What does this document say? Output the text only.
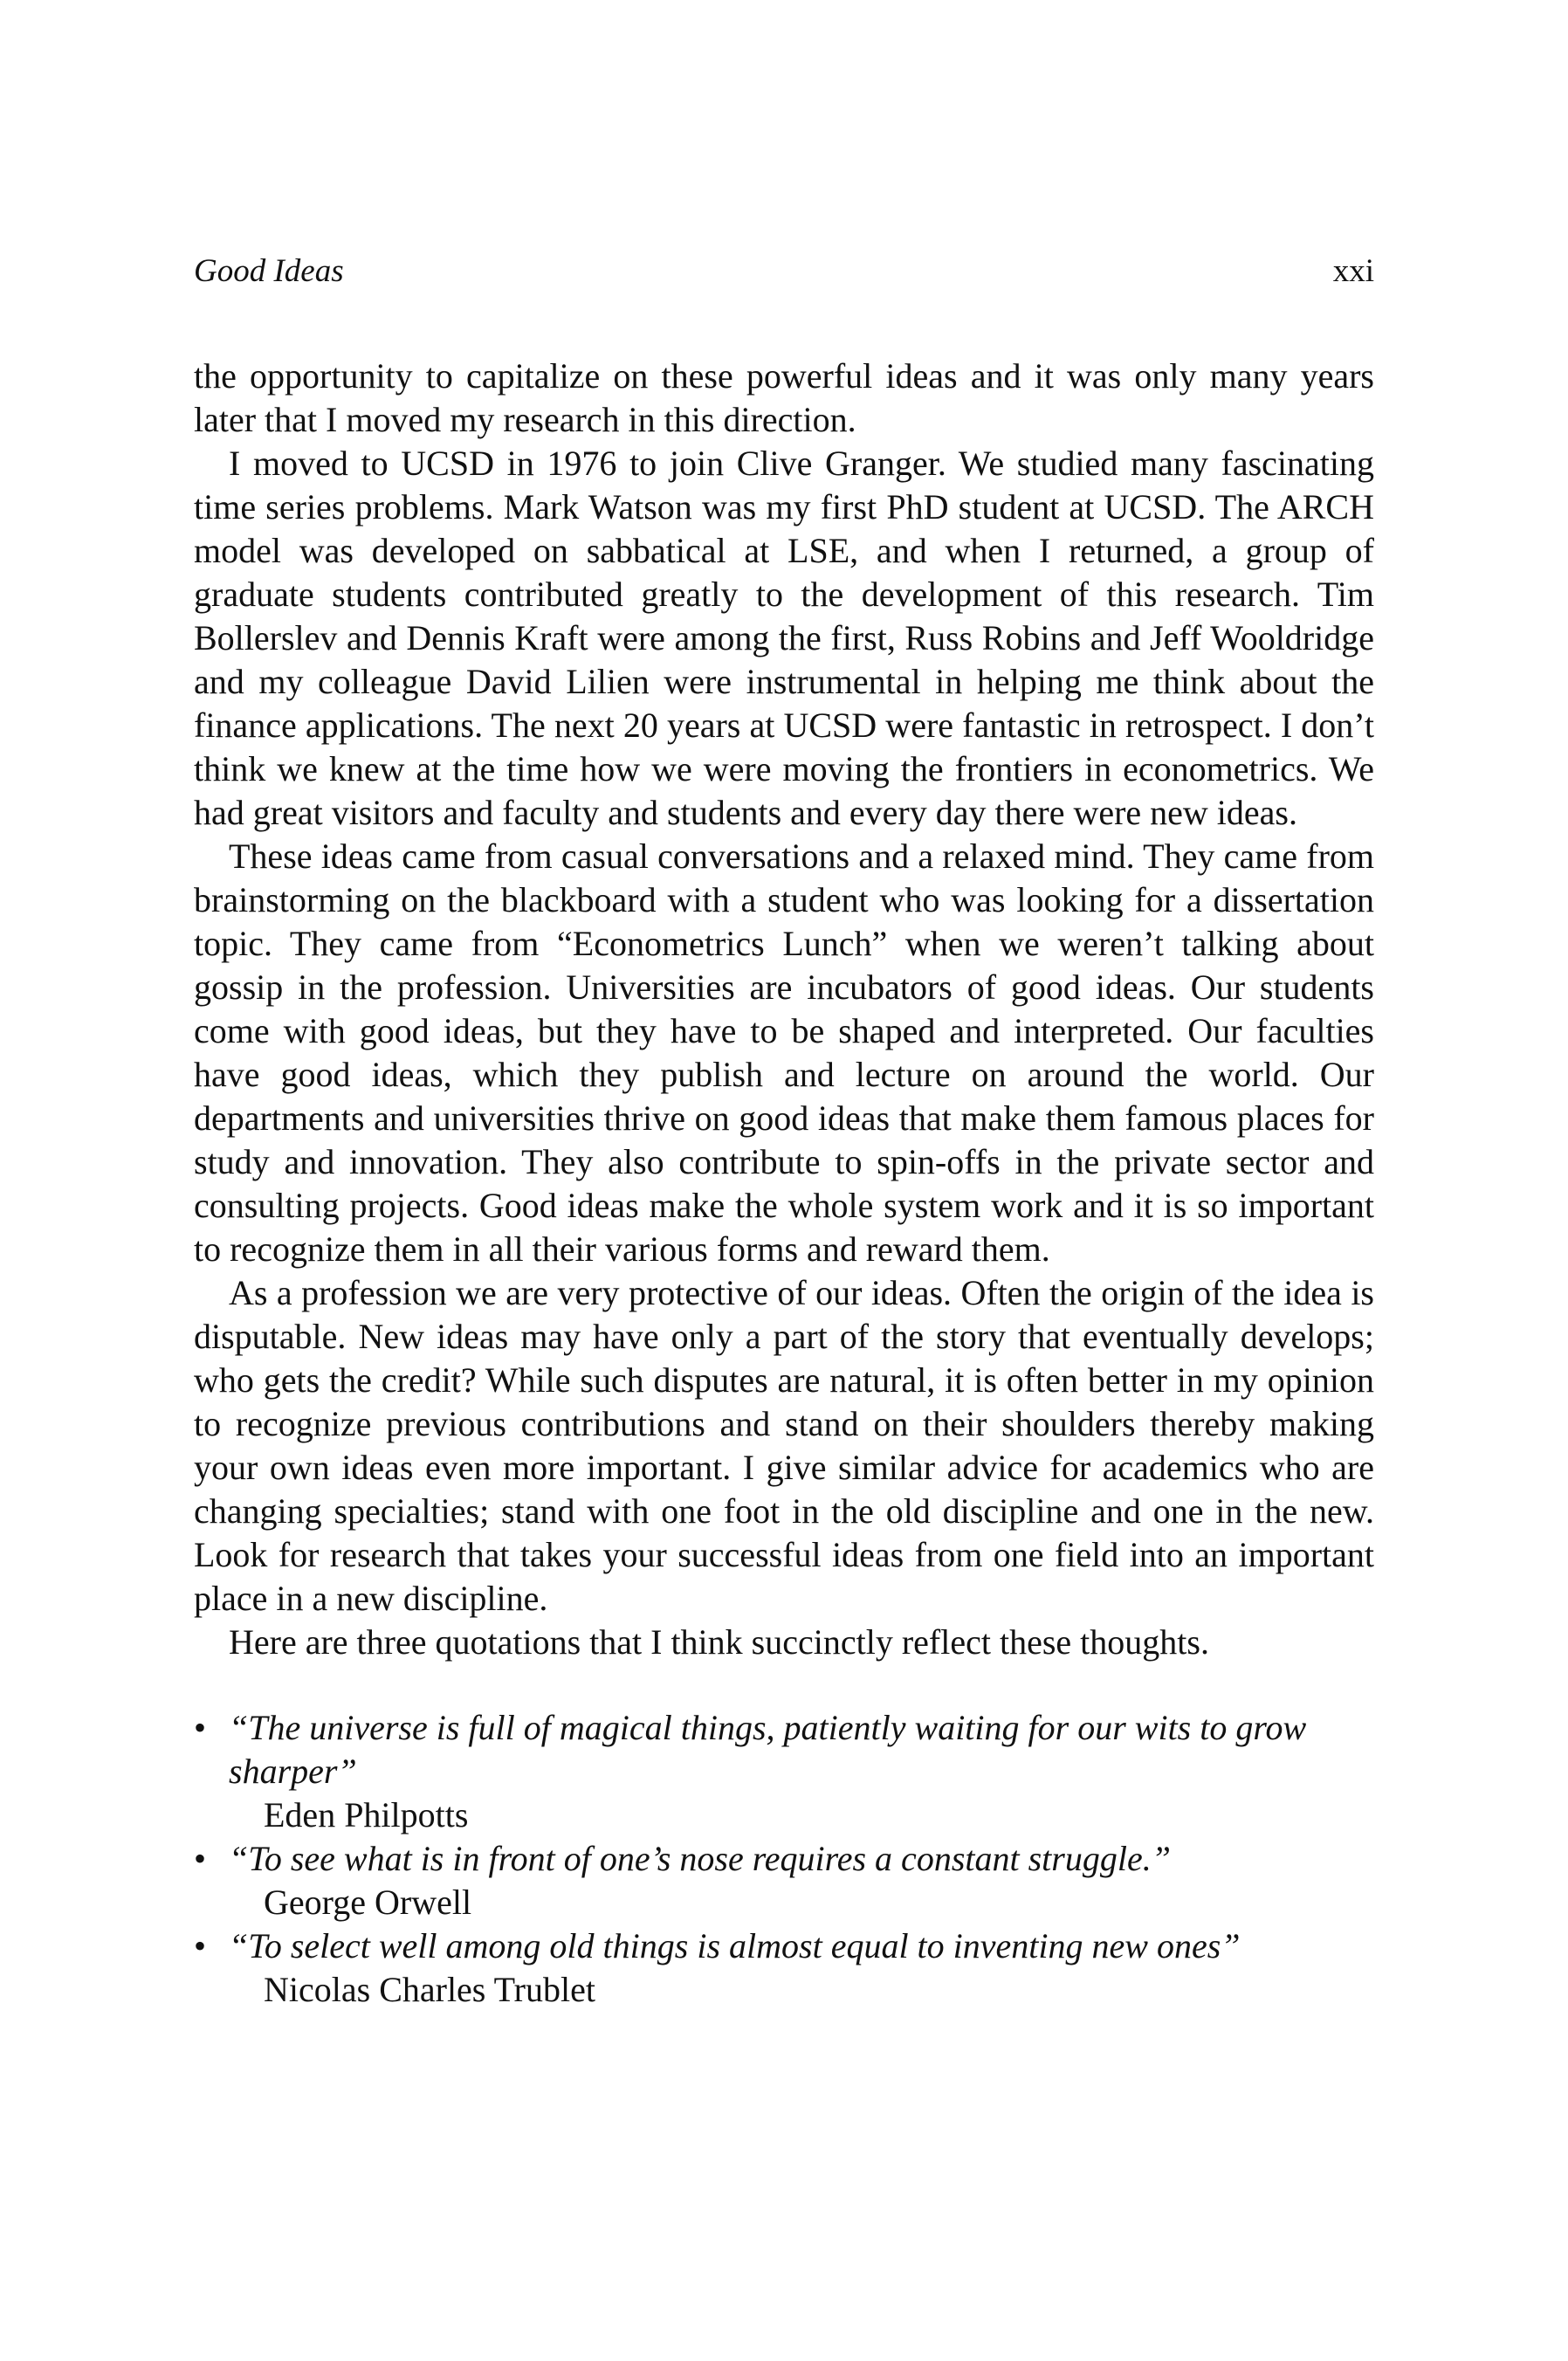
Good Ideas	xxi

the opportunity to capitalize on these powerful ideas and it was only many years later that I moved my research in this direction.

I moved to UCSD in 1976 to join Clive Granger. We studied many fascinating time series problems. Mark Watson was my first PhD student at UCSD. The ARCH model was developed on sabbatical at LSE, and when I returned, a group of graduate students contributed greatly to the development of this research. Tim Bollerslev and Dennis Kraft were among the first, Russ Robins and Jeff Wooldridge and my colleague David Lilien were instrumental in helping me think about the finance applications. The next 20 years at UCSD were fantastic in retrospect. I don’t think we knew at the time how we were moving the frontiers in econometrics. We had great visitors and faculty and students and every day there were new ideas.

These ideas came from casual conversations and a relaxed mind. They came from brainstorming on the blackboard with a student who was looking for a dissertation topic. They came from “Econometrics Lunch” when we weren’t talking about gossip in the profession. Universities are incubators of good ideas. Our students come with good ideas, but they have to be shaped and interpreted. Our faculties have good ideas, which they publish and lecture on around the world. Our departments and universities thrive on good ideas that make them famous places for study and innovation. They also contribute to spin-offs in the private sector and consulting projects. Good ideas make the whole system work and it is so important to recognize them in all their various forms and reward them.

As a profession we are very protective of our ideas. Often the origin of the idea is disputable. New ideas may have only a part of the story that eventually develops; who gets the credit? While such disputes are natural, it is often better in my opinion to recognize previous contributions and stand on their shoulders thereby making your own ideas even more important. I give similar advice for academics who are changing specialties; stand with one foot in the old discipline and one in the new. Look for research that takes your successful ideas from one field into an important place in a new discipline.

Here are three quotations that I think succinctly reflect these thoughts.

• “The universe is full of magical things, patiently waiting for our wits to grow sharper”
Eden Philpotts
• “To see what is in front of one’s nose requires a constant struggle.”
George Orwell
• “To select well among old things is almost equal to inventing new ones”
Nicolas Charles Trublet
